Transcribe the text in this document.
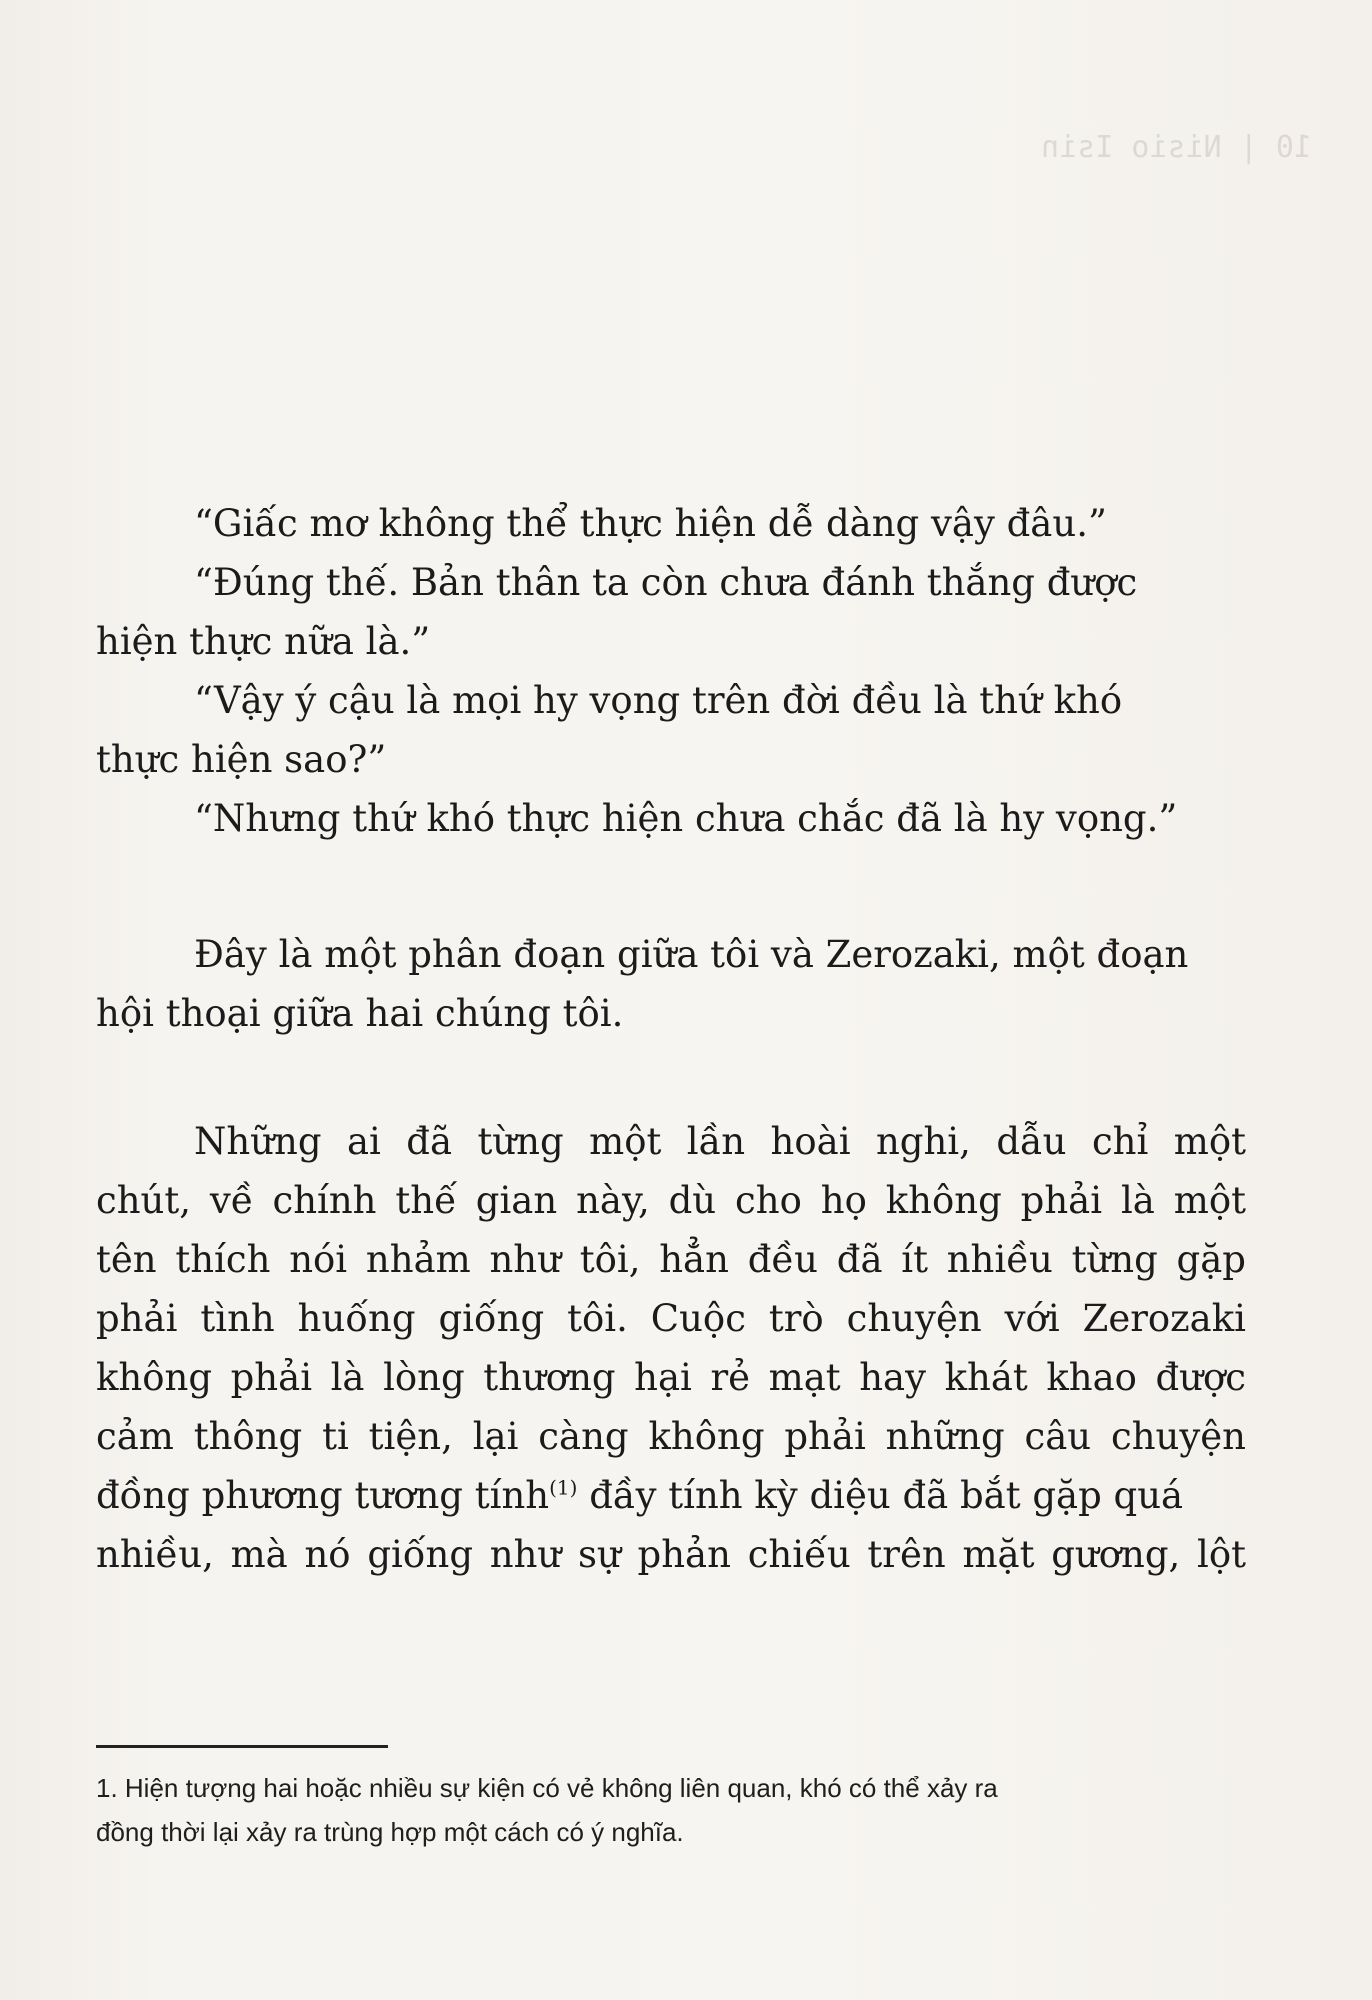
10 | Nisio Isin
“Giấc mơ không thể thực hiện dễ dàng vậy đâu.”
“Đúng thế. Bản thân ta còn chưa đánh thắng được
hiện thực nữa là.”
“Vậy ý cậu là mọi hy vọng trên đời đều là thứ khó
thực hiện sao?”
“Nhưng thứ khó thực hiện chưa chắc đã là hy vọng.”
Đây là một phân đoạn giữa tôi và Zerozaki, một đoạn
hội thoại giữa hai chúng tôi.
Những ai đã từng một lần hoài nghi, dẫu chỉ một
chút, về chính thế gian này, dù cho họ không phải là một
tên thích nói nhảm như tôi, hẳn đều đã ít nhiều từng gặp
phải tình huống giống tôi. Cuộc trò chuyện với Zerozaki
không phải là lòng thương hại rẻ mạt hay khát khao được
cảm thông ti tiện, lại càng không phải những câu chuyện
đồng phương tương tính$^{(1)}$ đầy tính kỳ diệu đã bắt gặp quá
nhiều, mà nó giống như sự phản chiếu trên mặt gương, lột
1. Hiện tượng hai hoặc nhiều sự kiện có vẻ không liên quan, khó có thể xảy ra
đồng thời lại xảy ra trùng hợp một cách có ý nghĩa.
